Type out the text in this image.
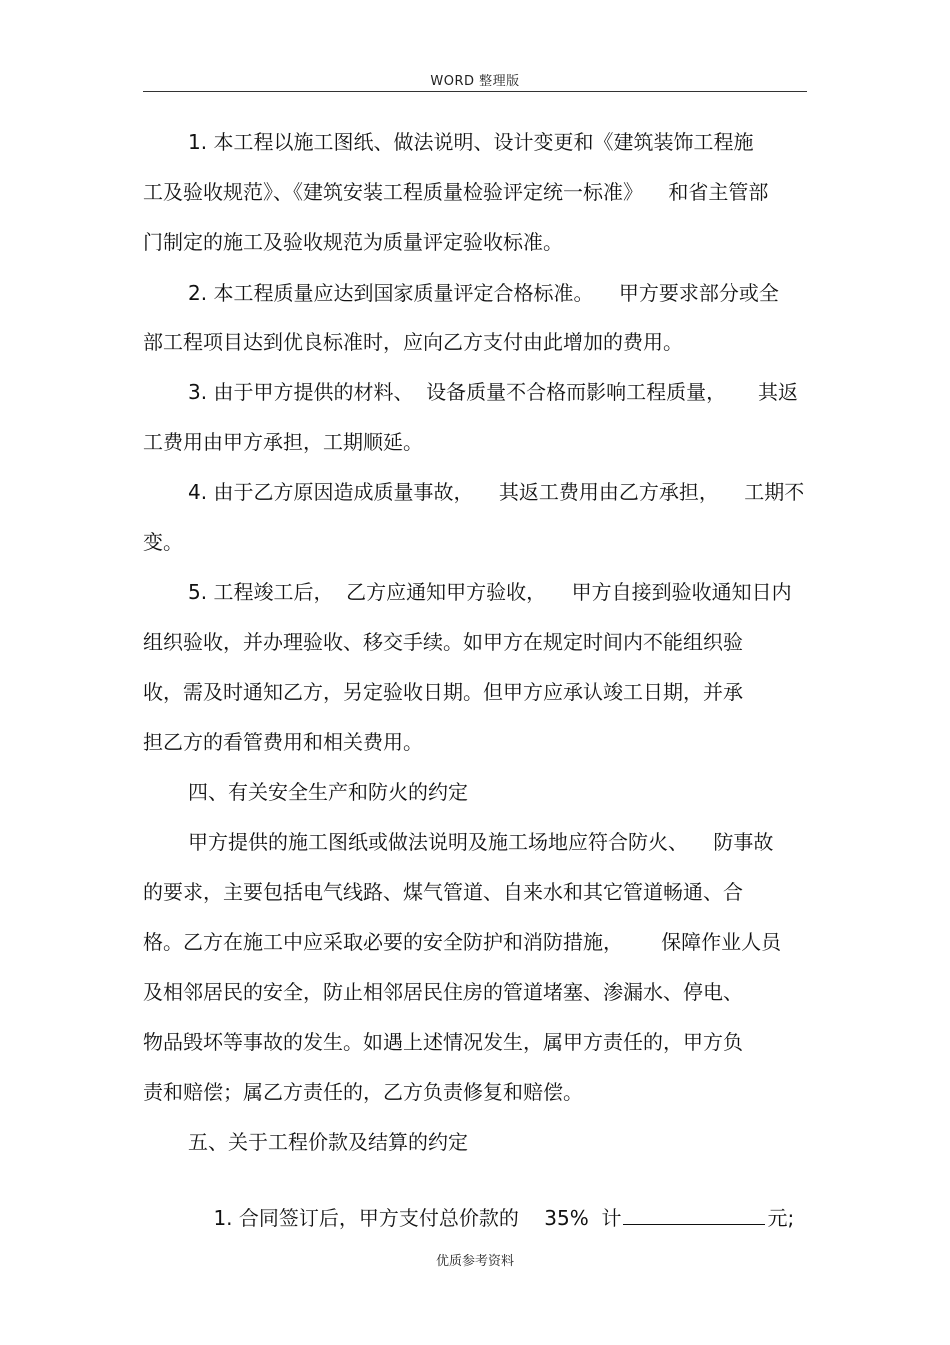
WORD 整理版
1. 本工程以施工图纸、做法说明、设计变更和《建筑装饰工程施
工及验收规范》、《建筑安装工程质量检验评定统一标准》    和省主管部
门制定的施工及验收规范为质量评定验收标准。
2. 本工程质量应达到国家质量评定合格标准。    甲方要求部分或全
部工程项目达到优良标准时，应向乙方支付由此增加的费用。
3. 由于甲方提供的材料、  设备质量不合格而影响工程质量，     其返
工费用由甲方承担，工期顺延。
4. 由于乙方原因造成质量事故，    其返工费用由乙方承担，    工期不
变。
5. 工程竣工后，  乙方应通知甲方验收，    甲方自接到验收通知日内
组织验收，并办理验收、移交手续。如甲方在规定时间内不能组织验
收，需及时通知乙方，另定验收日期。但甲方应承认竣工日期，并承
担乙方的看管费用和相关费用。
四、有关安全生产和防火的约定
甲方提供的施工图纸或做法说明及施工场地应符合防火、    防事故
的要求，主要包括电气线路、煤气管道、自来水和其它管道畅通、合
格。乙方在施工中应采取必要的安全防护和消防措施，      保障作业人员
及相邻居民的安全，防止相邻居民住房的管道堵塞、渗漏水、停电、
物品毁坏等事故的发生。如遇上述情况发生，属甲方责任的，甲方负
责和赔偿；属乙方责任的，乙方负责修复和赔偿。
五、关于工程价款及结算的约定

1. 合同签订后，甲方支付总价款的    35%  计	元;

优质参考资料
